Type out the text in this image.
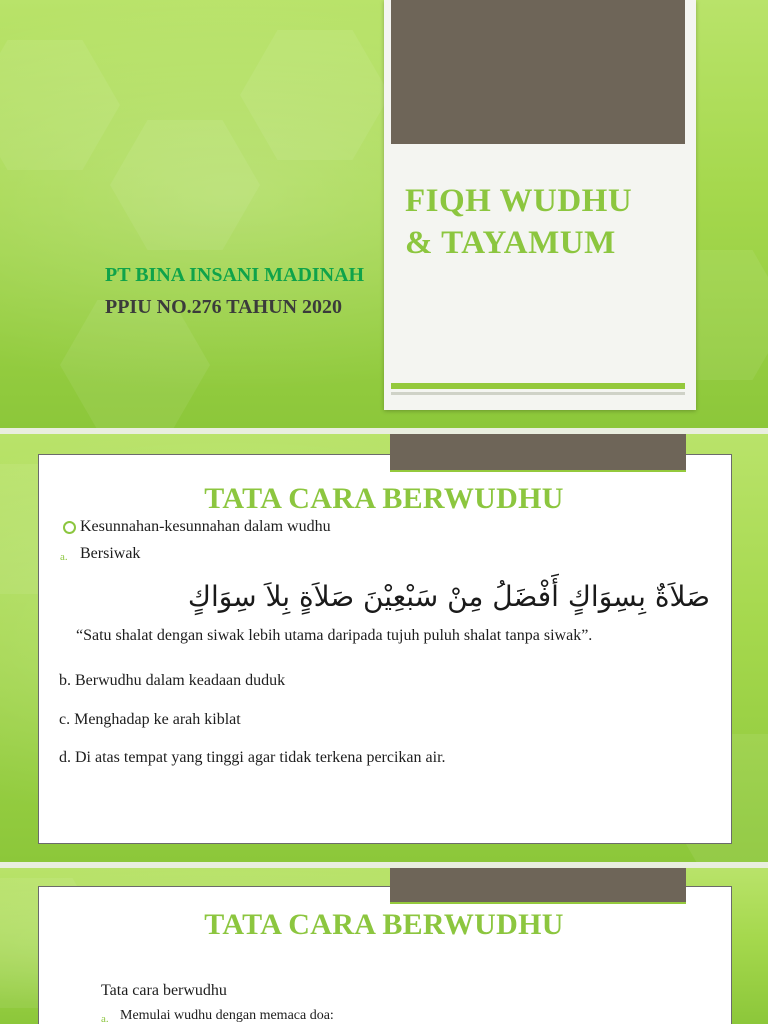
FIQH WUDHU
& TAYAMUM
PT BINA INSANI MADINAH
PPIU NO.276 TAHUN 2020
TATA CARA BERWUDHU
Kesunnahan-kesunnahan dalam wudhu
a. Bersiwak
صَلاَةٌ بِسِوَاكٍ أَفْضَلُ مِنْ سَبْعِيْنَ صَلاَةٍ بِلاَ سِوَاكٍ
“Satu shalat dengan siwak lebih utama daripada tujuh puluh shalat tanpa siwak”.
b. Berwudhu dalam keadaan duduk
c. Menghadap ke arah kiblat
d. Di atas tempat yang tinggi agar tidak terkena percikan air.
TATA CARA BERWUDHU
Tata cara berwudhu
a. Memulai wudhu dengan memaca doa:
